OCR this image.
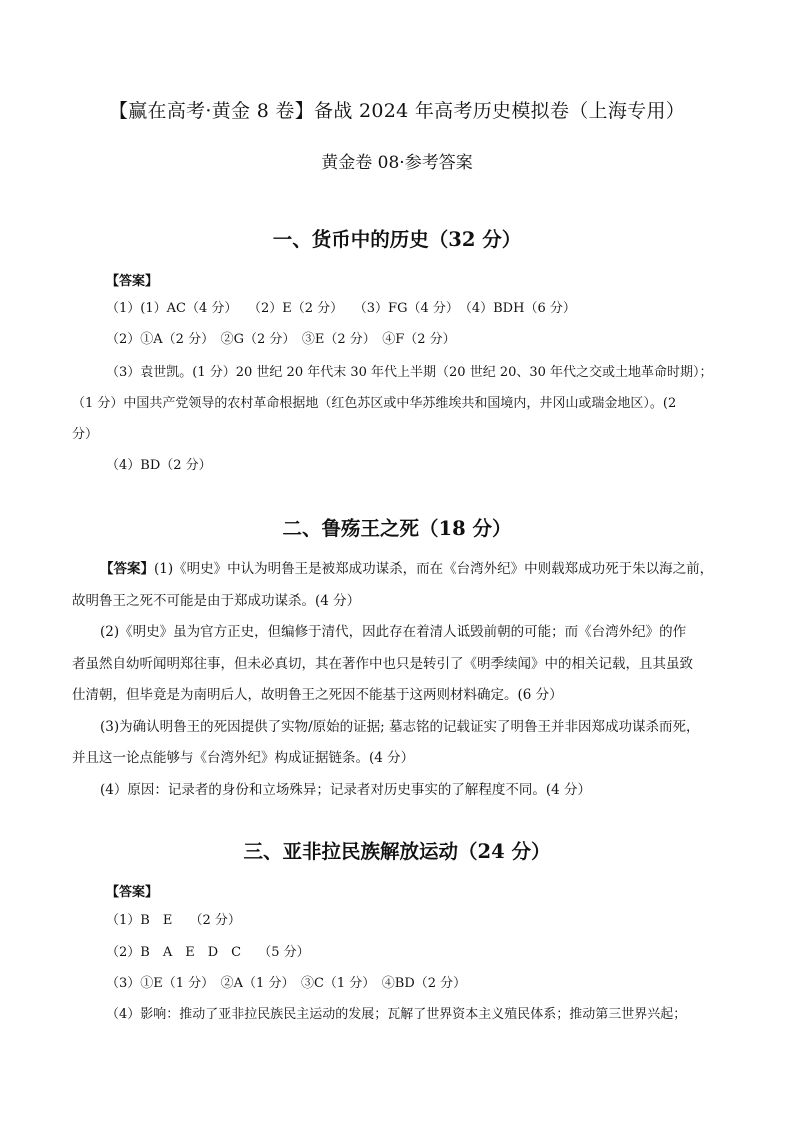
【赢在高考·黄金 8 卷】备战 2024 年高考历史模拟卷（上海专用）
黄金卷 08·参考答案
一、货币中的历史（32 分）
【答案】
（1）(1）AC（4 分）　 （2）E（2 分）　 （3）FG（4 分）　（4）BDH（6 分）
（2）①A（2 分）　②G（2 分）　③E（2 分）　④F（2 分）
（3）袁世凯。(1 分）20 世纪 20 年代末 30 年代上半期（20 世纪 20、30 年代之交或土地革命时期）；
（1 分）中国共产党领导的农村革命根据地（红色苏区或中华苏维埃共和国境内，井冈山或瑞金地区）。(2
分）
（4）BD（2 分）
二、鲁殇王之死（18 分）

【答案】(1)《明史》中认为明鲁王是被郑成功谋杀，而在《台湾外纪》中则载郑成功死于朱以海之前，

故明鲁王之死不可能是由于郑成功谋杀。(4 分）

(2)《明史》虽为官方正史，但编修于清代，因此存在着清人诋毁前朝的可能；而《台湾外纪》的作

者虽然自幼听闻明郑往事，但未必真切，其在著作中也只是转引了《明季续闻》中的相关记载，且其虽致

仕清朝，但毕竟是为南明后人，故明鲁王之死因不能基于这两则材料确定。(6 分）

(3)为确认明鲁王的死因提供了实物/原始的证据; 墓志铭的记载证实了明鲁王并非因郑成功谋杀而死，

并且这一论点能够与《台湾外纪》构成证据链条。(4 分）

(4）原因：记录者的身份和立场殊异；记录者对历史事实的了解程度不同。(4 分）

三、亚非拉民族解放运动（24 分）
【答案】
（1）B　E　 （2 分）
（2）B　A　E　D　C　 （5 分）
（3）①E（1 分）　②A（1 分）　③C（1 分）　④BD（2 分）
（4）影响：推动了亚非拉民族民主运动的发展；瓦解了世界资本主义殖民体系；推动第三世界兴起；
